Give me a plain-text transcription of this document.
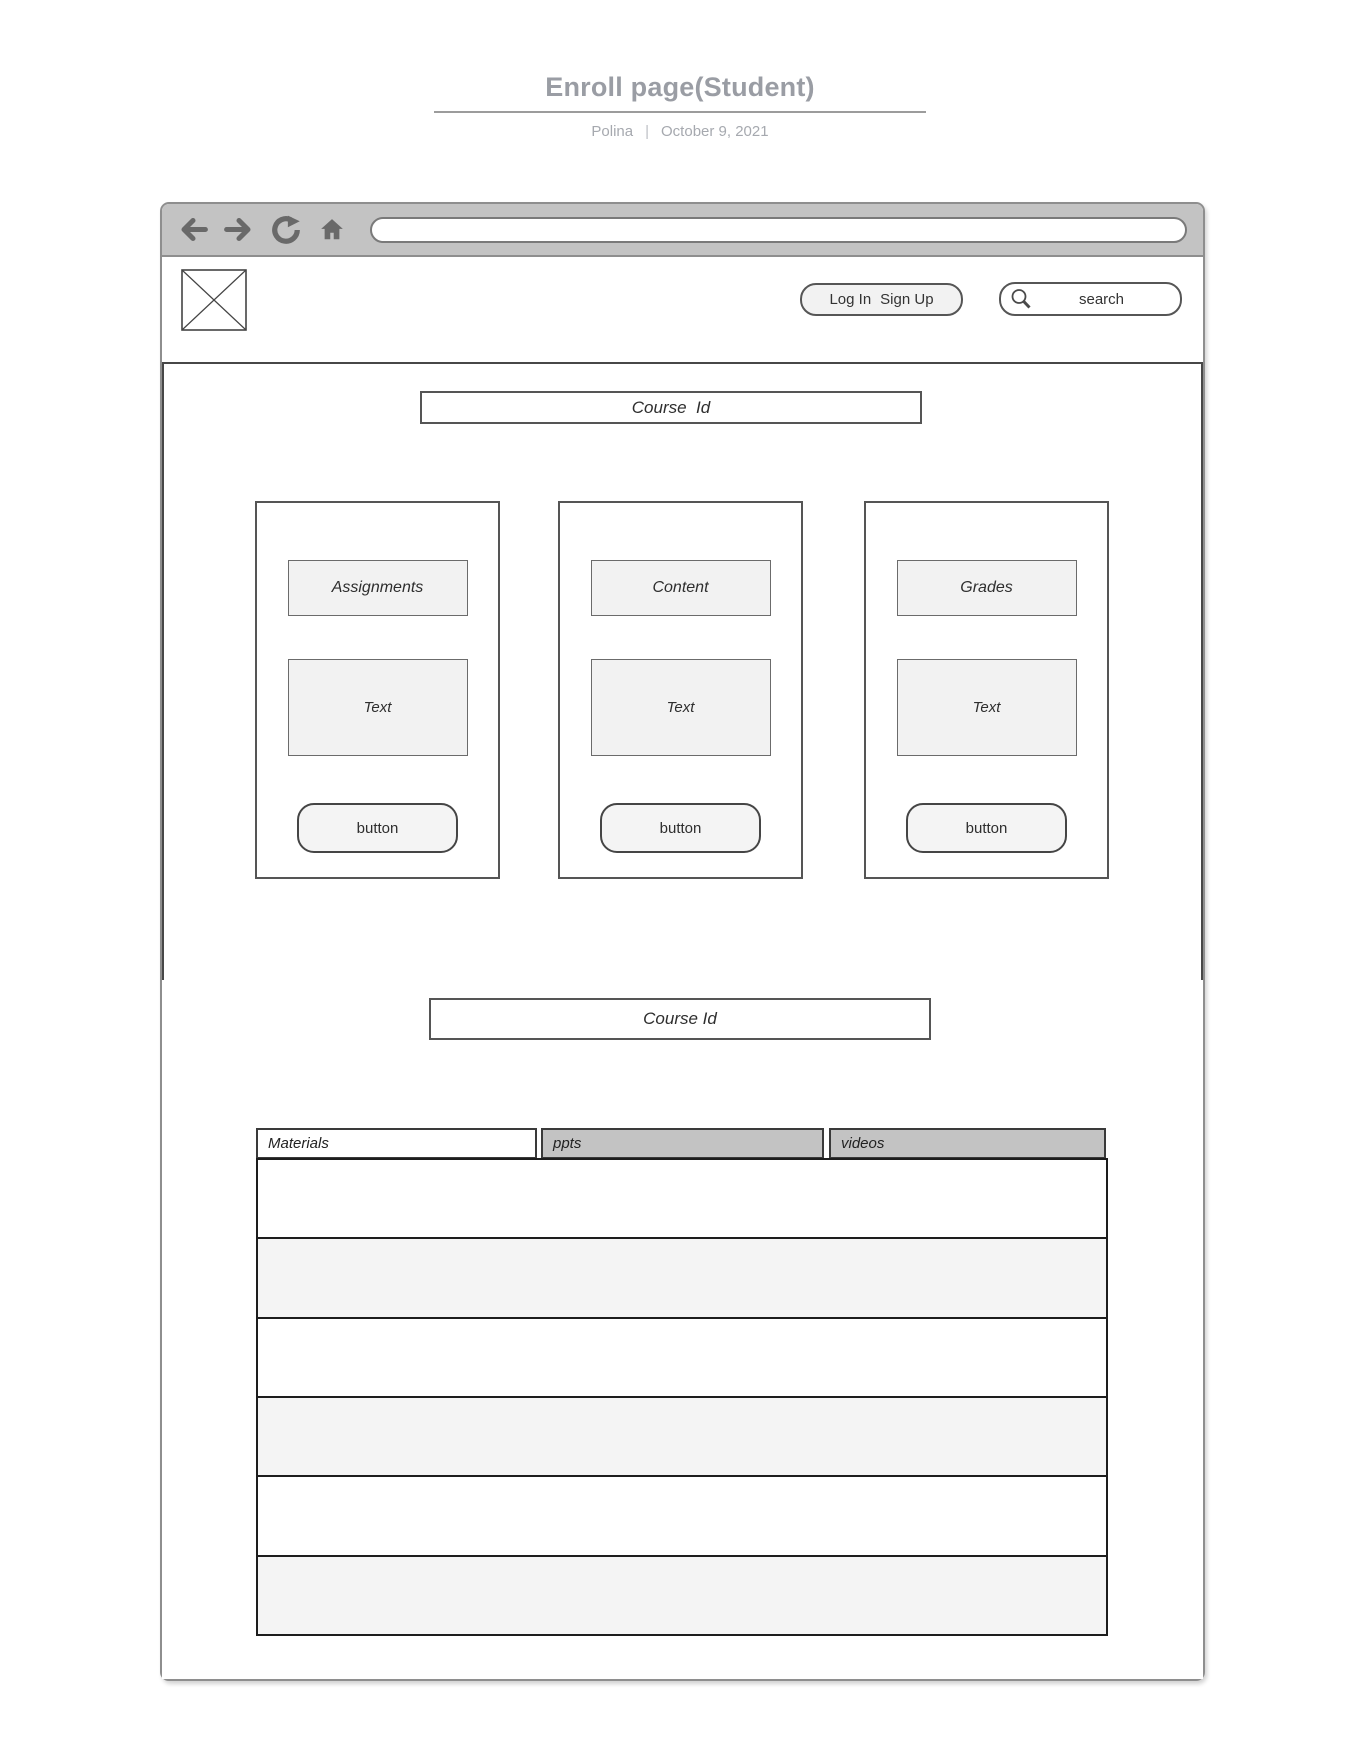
Enroll page(Student)
Polina | October 9, 2021
Log In Sign Up
search
Course  Id
Assignments
Text
button
Content
Text
button
Grades
Text
button
Course Id
Materials	ppts	videos
